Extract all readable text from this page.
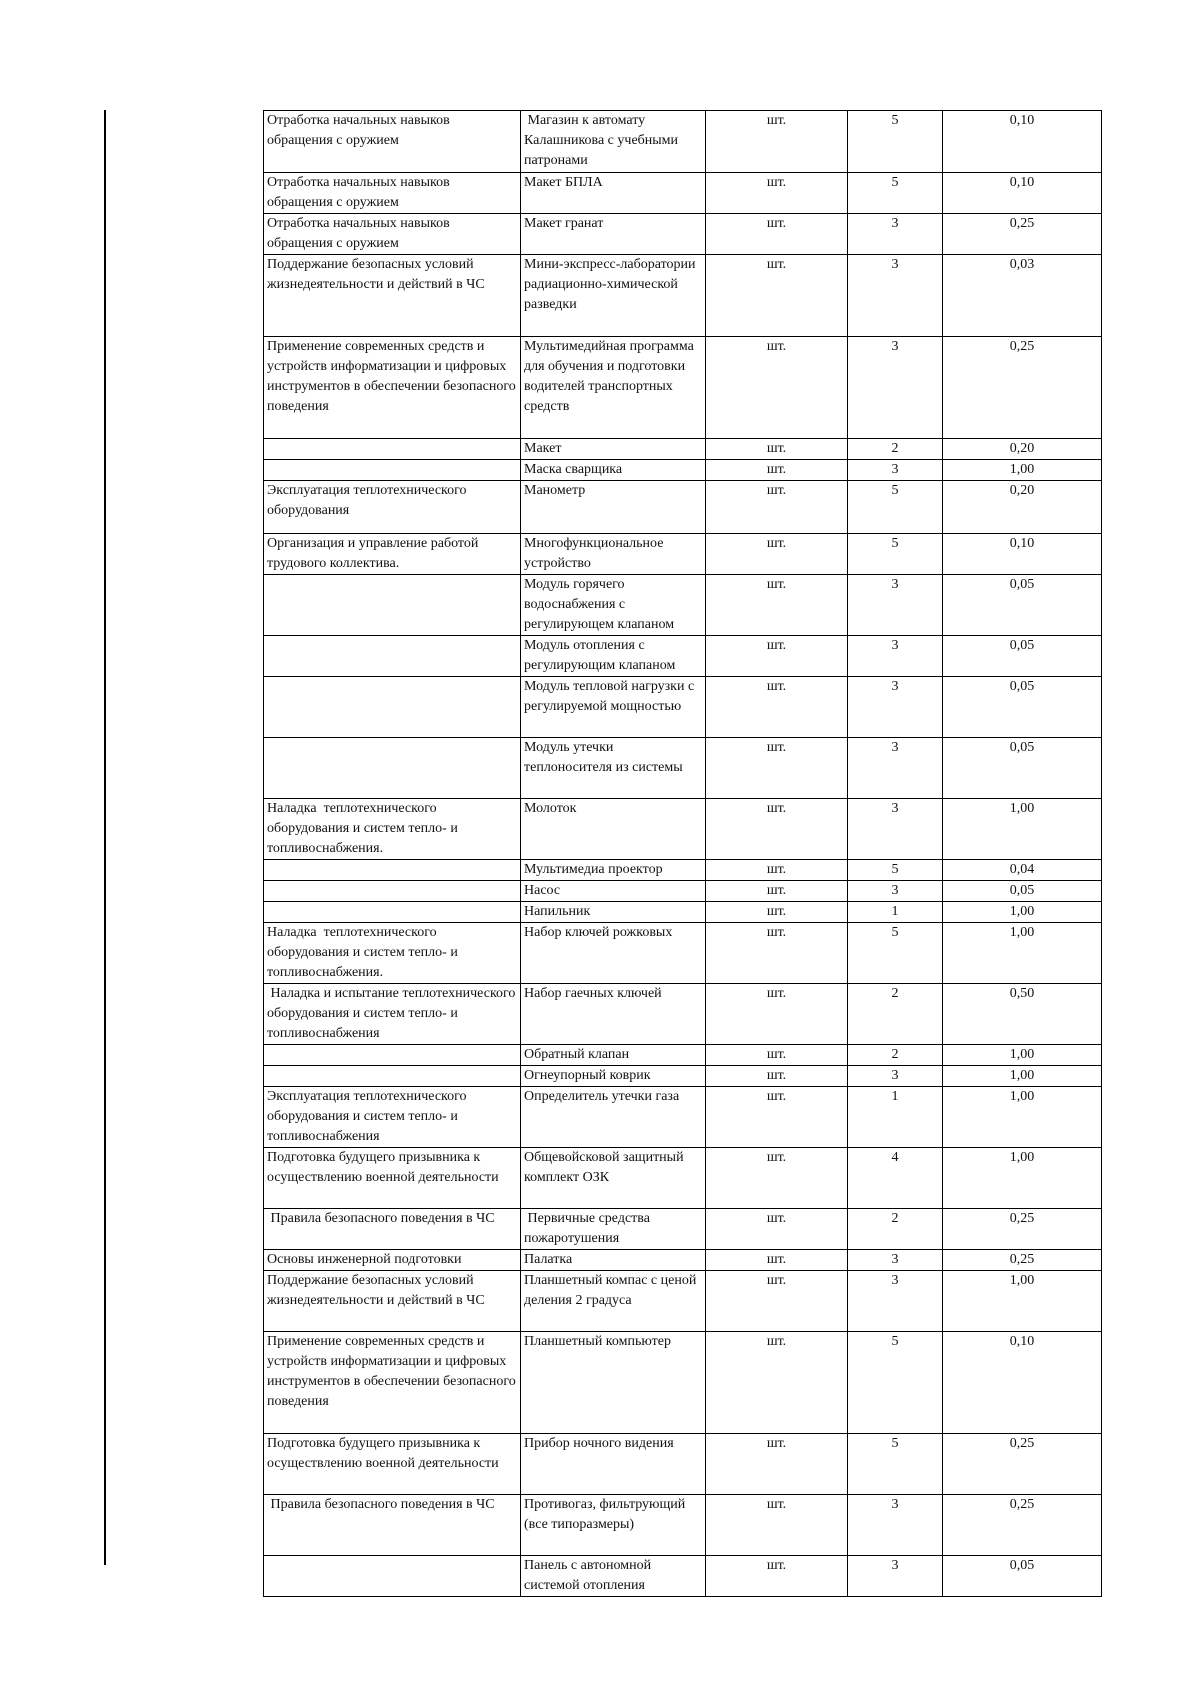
Отработка начальных навыков обращения с оружием	Магазин к автомату Калашникова с учебными патронами	шт.	5	0,10
Отработка начальных навыков обращения с оружием	Макет БПЛА	шт.	5	0,10
Отработка начальных навыков обращения с оружием	Макет гранат	шт.	3	0,25
Поддержание безопасных условий жизнедеятельности и действий в ЧС	Мини-экспресс-лаборатории радиационно-химической разведки	шт.	3	0,03
Применение современных средств и устройств информатизации и цифровых инструментов в обеспечении безопасного поведения	Мультимедийная программа для обучения и подготовки водителей транспортных средств	шт.	3	0,25
	Макет	шт.	2	0,20
	Маска сварщика	шт.	3	1,00
Эксплуатация теплотехнического оборудования	Манометр	шт.	5	0,20
Организация и управление работой трудового коллектива.	Многофункциональное устройство	шт.	5	0,10
	Модуль горячего водоснабжения с регулирующем клапаном	шт.	3	0,05
	Модуль отопления с регулирующим клапаном	шт.	3	0,05
	Модуль тепловой нагрузки с регулируемой мощностью	шт.	3	0,05
	Модуль утечки теплоносителя из системы	шт.	3	0,05
Наладка  теплотехнического оборудования и систем тепло- и топливоснабжения.	Молоток	шт.	3	1,00
	Мультимедиа проектор	шт.	5	0,04
	Насос	шт.	3	0,05
	Напильник	шт.	1	1,00
Наладка  теплотехнического оборудования и систем тепло- и топливоснабжения.	Набор ключей рожковых	шт.	5	1,00
Наладка и испытание теплотехнического оборудования и систем тепло- и топливоснабжения	Набор гаечных ключей	шт.	2	0,50
	Обратный клапан	шт.	2	1,00
	Огнеупорный коврик	шт.	3	1,00
Эксплуатация теплотехнического оборудования и систем тепло- и топливоснабжения	Определитель утечки газа	шт.	1	1,00
Подготовка будущего призывника к осуществлению военной деятельности	Общевойсковой защитный комплект ОЗК	шт.	4	1,00
Правила безопасного поведения в ЧС	Первичные средства пожаротушения	шт.	2	0,25
Основы инженерной подготовки	Палатка	шт.	3	0,25
Поддержание безопасных условий жизнедеятельности и действий в ЧС	Планшетный компас с ценой деления 2 градуса	шт.	3	1,00
Применение современных средств и устройств информатизации и цифровых инструментов в обеспечении безопасного поведения	Планшетный компьютер	шт.	5	0,10
Подготовка будущего призывника к осуществлению военной деятельности	Прибор ночного видения	шт.	5	0,25
Правила безопасного поведения в ЧС	Противогаз, фильтрующий (все типоразмеры)	шт.	3	0,25
	Панель с автономной системой отопления	шт.	3	0,05
